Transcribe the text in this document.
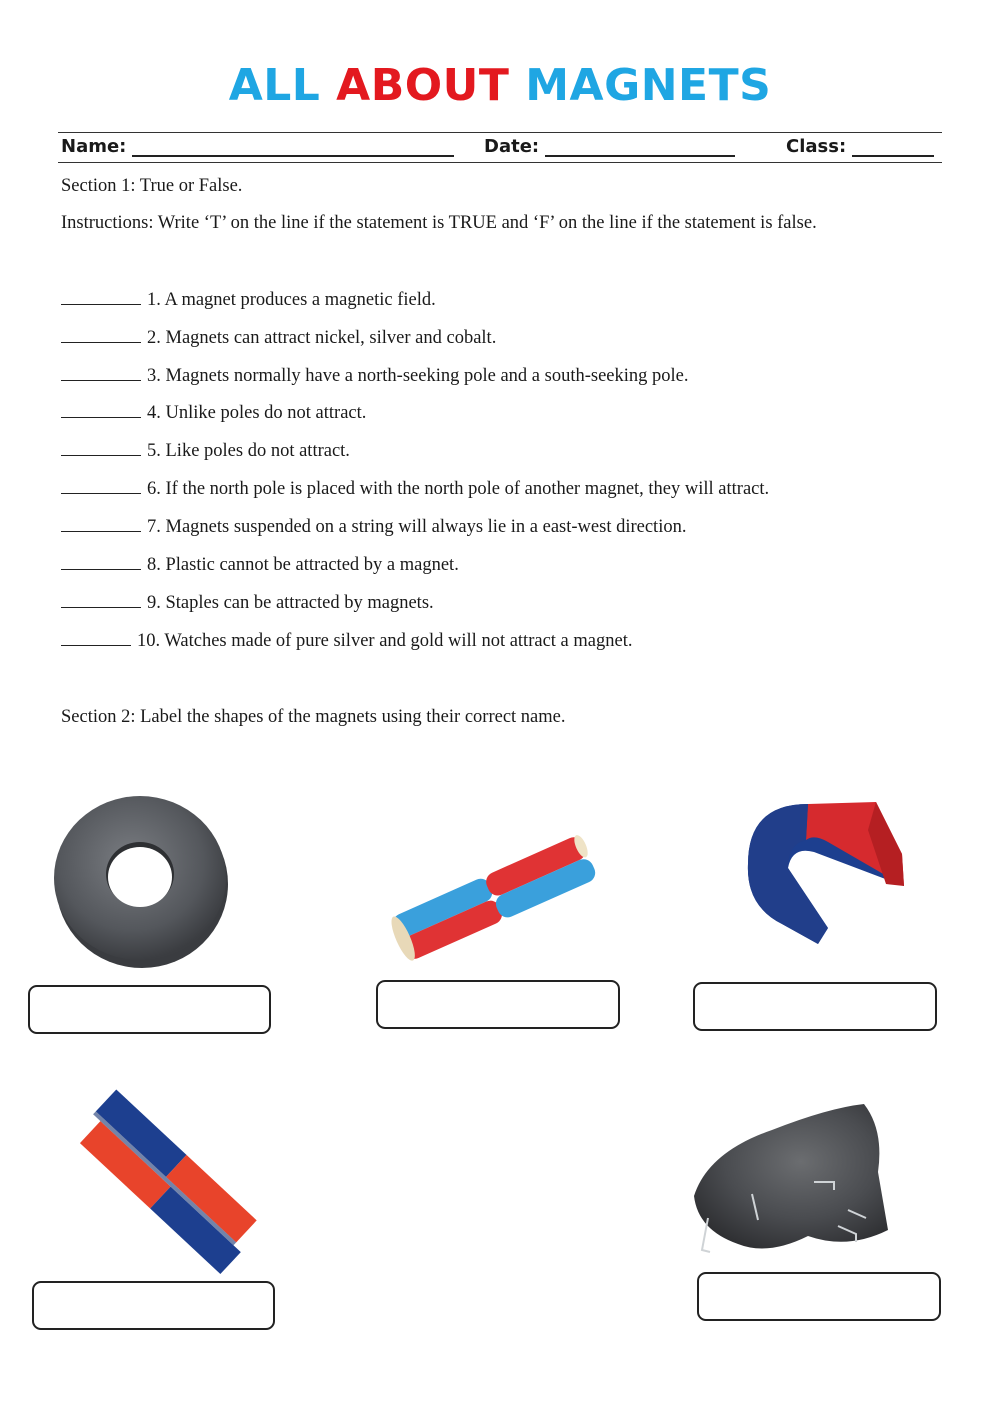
ALL ABOUT MAGNETS
Name:	Date:	Class:
Section 1: True or False.
Instructions: Write ‘T’ on the line if the statement is TRUE and ‘F’ on the line if the statement is false.
1. A magnet produces a magnetic field.
2. Magnets can attract nickel, silver and cobalt.
3. Magnets normally have a north-seeking pole and a south-seeking pole.
4. Unlike poles do not attract.
5. Like poles do not attract.
6. If the north pole is placed with the north pole of another magnet, they will attract.
7. Magnets suspended on a string will always lie in a east-west direction.
8. Plastic cannot be attracted by a magnet.
9. Staples can be attracted by magnets.
10. Watches made of pure silver and gold will not attract a magnet.
Section 2: Label the shapes of the magnets using their correct name.
